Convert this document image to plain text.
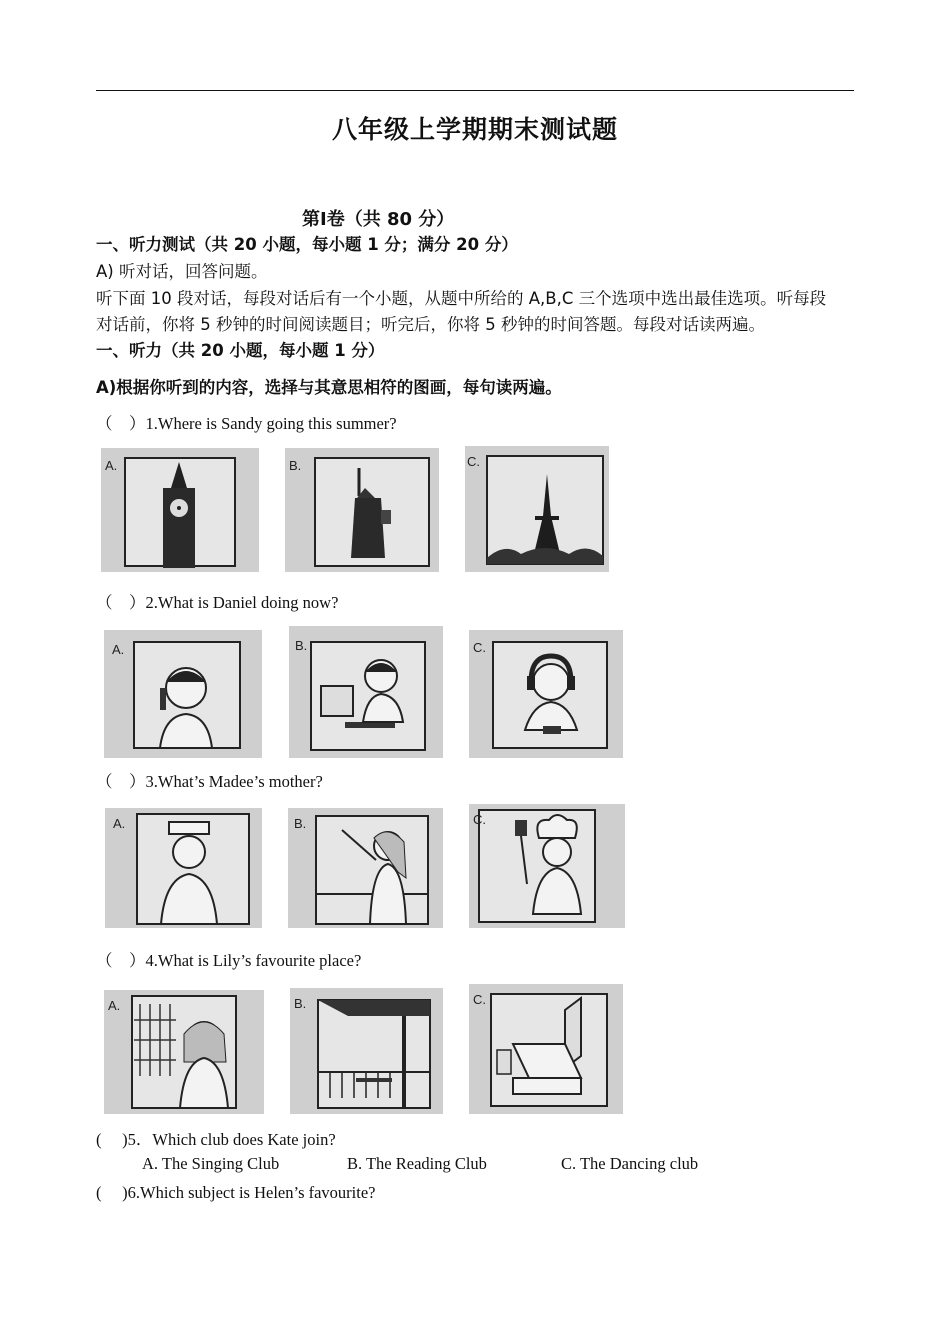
八年级上学期期末测试题
第Ⅰ卷（共 80 分）
一、听力测试（共 20 小题，每小题 1 分；满分 20 分）
A) 听对话，回答问题。
听下面 10 段对话，每段对话后有一个小题，从题中所给的 A,B,C 三个选项中选出最佳选项。听每段
对话前，你将 5 秒钟的时间阅读题目；听完后，你将 5 秒钟的时间答题。每段对话读两遍。
一、听力（共 20 小题，每小题 1 分）
A)根据你听到的内容，选择与其意思相符的图画，每句读两遍。
（　）1.Where is Sandy going this summer?
A.	B.	C.
（　）2.What is Daniel doing now?
A.	B.	C.
（　）3.What’s Madee’s mother?
A.	B.	C.
（　）4.What is Lily’s favourite place?
A.	B.	C.
(　 )5．Which club does Kate join?
A. The Singing Club	B. The Reading Club	C. The Dancing club
(　 )6.Which subject is Helen’s favourite?
